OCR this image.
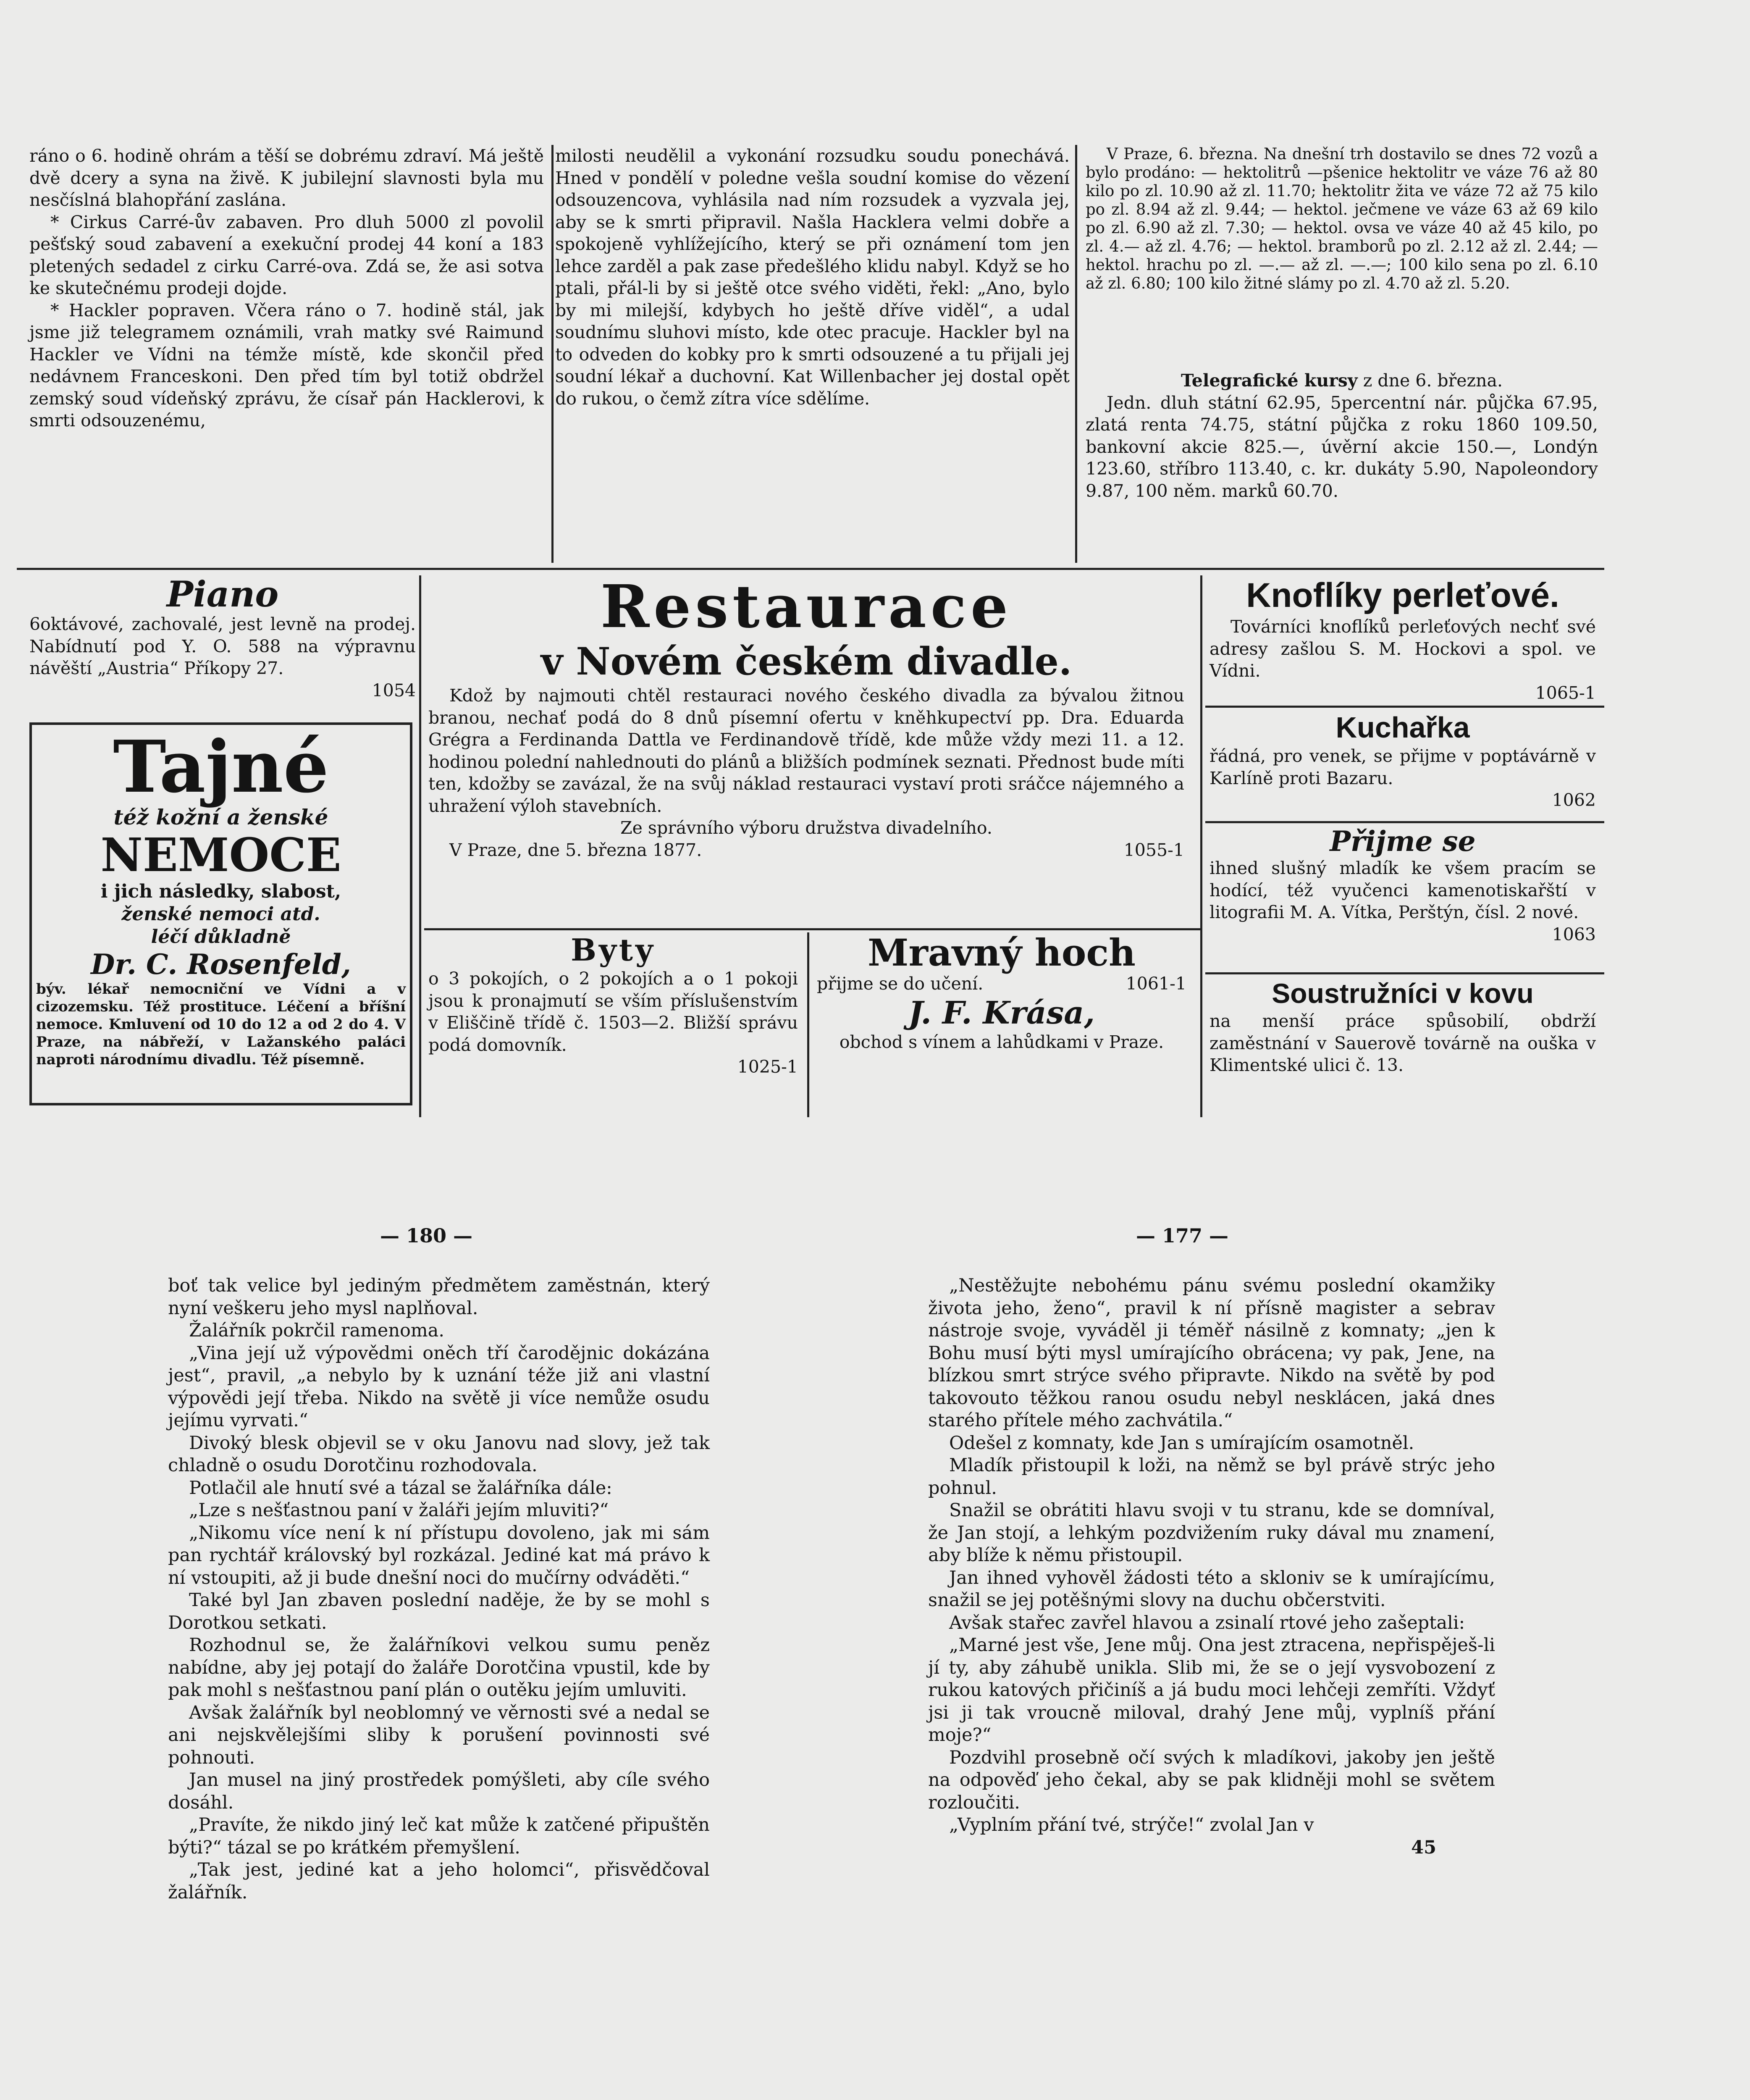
ráno o 6. hodině ohrám a těší se dobrému zdraví. Má ještě dvě dcery a syna na živě. K jubilejní slavnosti byla mu nesčíslná blahopřání zaslána.

* Cirkus Carré-ův zabaven. Pro dluh 5000 zl povolil pešťský soud zabavení a exekuční prodej 44 koní a 183 pletených sedadel z cirku Carré-ova. Zdá se, že asi sotva ke skutečnému prodeji dojde.

* Hackler popraven. Včera ráno o 7. hodině stál, jak jsme již telegramem oznámili, vrah matky své Raimund Hackler ve Vídni na témže místě, kde skončil před nedávnem Franceskoni. Den před tím byl totiž obdržel zemský soud vídeňský zprávu, že císař pán Hacklerovi, k smrti odsouzenému,

milosti neudělil a vykonání rozsudku soudu ponechává. Hned v pondělí v poledne vešla soudní komise do vězení odsouzencova, vyhlásila nad ním rozsudek a vyzvala jej, aby se k smrti připravil. Našla Hacklera velmi dobře a spokojeně vyhlížejícího, který se při oznámení tom jen lehce zarděl a pak zase předešlého klidu nabyl. Když se ho ptali, přál-li by si ještě otce svého viděti, řekl: „Ano, bylo by mi milejší, kdybych ho ještě dříve viděl“, a udal soudnímu sluhovi místo, kde otec pracuje. Hackler byl na to odveden do kobky pro k smrti odsouzené a tu přijali jej soudní lékař a duchovní. Kat Willenbacher jej dostal opět do rukou, o čemž zítra více sdělíme.

V Praze, 6. března. Na dnešní trh dostavilo se dnes 72 vozů a bylo prodáno: — hektolitrů —pšenice hektolitr ve váze 76 až 80 kilo po zl. 10.90 až zl. 11.70; hektolitr žita ve váze 72 až 75 kilo po zl. 8.94 až zl. 9.44; — hektol. ječmene ve váze 63 až 69 kilo po zl. 6.90 až zl. 7.30; — hektol. ovsa ve váze 40 až 45 kilo, po zl. 4.— až zl. 4.76; — hektol. bramborů po zl. 2.12 až zl. 2.44; — hektol. hrachu po zl. —.— až zl. —.—; 100 kilo sena po zl. 6.10 až zl. 6.80; 100 kilo žitné slámy po zl. 4.70 až zl. 5.20.

Telegrafické kursy z dne 6. března.

Jedn. dluh státní 62.95, 5percentní nár. půjčka 67.95, zlatá renta 74.75, státní půjčka z roku 1860 109.50, bankovní akcie 825.—, úvěrní akcie 150.—, Londýn 123.60, stříbro 113.40, c. kr. dukáty 5.90, Napoleondory 9.87, 100 něm. marků 60.70.

Piano

6oktávové, zachovalé, jest levně na prodej. Nabídnutí pod Y. O. 588 na výpravnu návěští „Austria“ Příkopy 27.

1054
Tajné
též kožní a ženské
NEMOCE
i jich následky, slabost,
ženské nemoci atd.
léčí důkladně
Dr. C. Rosenfeld,
býv. lékař nemocniční ve Vídni a v cizozemsku. Též prostituce. Léčení a bříšní nemoce. Kmluvení od 10 do 12 a od 2 do 4. V Praze, na nábřeží, v Lažanského paláci naproti národnímu divadlu. Též písemně.
Restaurace
v Novém českém divadle.

Kdož by najmouti chtěl restauraci nového českého divadla za bývalou žitnou branou, nechať podá do 8 dnů písemní ofertu v kněhkupectví pp. Dra. Eduarda Grégra a Ferdinanda Dattla ve Ferdinandově třídě, kde může vždy mezi 11. a 12. hodinou polední nahlednouti do plánů a bližších podmínek seznati. Přednost bude míti ten, kdožby se zavázal, že na svůj náklad restauraci vystaví proti sráčce nájemného a uhražení výloh stavebních.

Ze správního výboru družstva divadelního.
V Praze, dne 5. března 1877.	1055-1
Byty

o 3 pokojích, o 2 pokojích a o 1 pokoji jsou k pronajmutí se vším příslušenstvím v Eliščině třídě č. 1503—2. Bližší správu podá domovník.

1025-1
Mravný hoch
přijme se do učení.	1061-1
J. F. Krása,
obchod s vínem a lahůdkami v Praze.
Knoflíky perleťové.

Továrníci knoflíků perleťových nechť své adresy zašlou S. M. Hockovi a spol. ve Vídni.

1065-1
Kuchařka

řádná, pro venek, se přijme v poptávárně v Karlíně proti Bazaru.

1062
Přijme se

ihned slušný mladík ke všem pracím se hodící, též vyučenci kamenotiskařští v litografii M. A. Vítka, Perštýn, čísl. 2 nové.

1063
Soustružníci v kovu

na menší práce spůsobilí, obdrží zaměstnání v Sauerově továrně na ouška v Klimentské ulici č. 13.

— 180 —	— 177 —

boť tak velice byl jediným předmětem zaměstnán, který nyní veškeru jeho mysl naplňoval.

Žalářník pokrčil ramenoma.

„Vina její už výpovědmi oněch tří čarodějnic dokázána jest“, pravil, „a nebylo by k uznání téže již ani vlastní výpovědi její třeba. Nikdo na světě ji více nemůže osudu jejímu vyrvati.“

Divoký blesk objevil se v oku Janovu nad slovy, jež tak chladně o osudu Dorotčinu rozhodovala.

Potlačil ale hnutí své a tázal se žalářníka dále:

„Lze s nešťastnou paní v žaláři jejím mluviti?“

„Nikomu více není k ní přístupu dovoleno, jak mi sám pan rychtář královský byl rozkázal. Jediné kat má právo k ní vstoupiti, až ji bude dnešní noci do mučírny odváděti.“

Také byl Jan zbaven poslední naděje, že by se mohl s Dorotkou setkati.

Rozhodnul se, že žalářníkovi velkou sumu peněz nabídne, aby jej potají do žaláře Dorotčina vpustil, kde by pak mohl s nešťastnou paní plán o outěku jejím umluviti.

Avšak žalářník byl neoblomný ve věrnosti své a nedal se ani nejskvělejšími sliby k porušení povinnosti své pohnouti.

Jan musel na jiný prostředek pomýšleti, aby cíle svého dosáhl.

„Pravíte, že nikdo jiný leč kat může k zatčené připuštěn býti?“ tázal se po krátkém přemyšlení.

„Tak jest, jediné kat a jeho holomci“, přisvědčoval žalářník.

„Nestěžujte nebohému pánu svému poslední okamžiky života jeho, ženo“, pravil k ní přísně magister a sebrav nástroje svoje, vyváděl ji téměř násilně z komnaty; „jen k Bohu musí býti mysl umírajícího obrácena; vy pak, Jene, na blízkou smrt strýce svého připravte. Nikdo na světě by pod takovouto těžkou ranou osudu nebyl nesklácen, jaká dnes starého přítele mého zachvátila.“

Odešel z komnaty, kde Jan s umírajícím osamotněl.

Mladík přistoupil k loži, na němž se byl právě strýc jeho pohnul.

Snažil se obrátiti hlavu svoji v tu stranu, kde se domníval, že Jan stojí, a lehkým pozdvižením ruky dával mu znamení, aby blíže k němu přistoupil.

Jan ihned vyhověl žádosti této a skloniv se k umírajícímu, snažil se jej potěšnými slovy na duchu občerstviti.

Avšak stařec zavřel hlavou a zsinalí rtové jeho zašeptali:

„Marné jest vše, Jene můj. Ona jest ztracena, nepřispěješ-li jí ty, aby záhubě unikla. Slib mi, že se o její vysvobození z rukou katových přičiníš a já budu moci lehčeji zemříti. Vždyť jsi ji tak vroucně miloval, drahý Jene můj, vyplníš přání moje?“

Pozdvihl prosebně očí svých k mladíkovi, jakoby jen ještě na odpověď jeho čekal, aby se pak klidněji mohl se světem rozloučiti.

„Vyplním přání tvé, strýče!“ zvolal Jan v

45
